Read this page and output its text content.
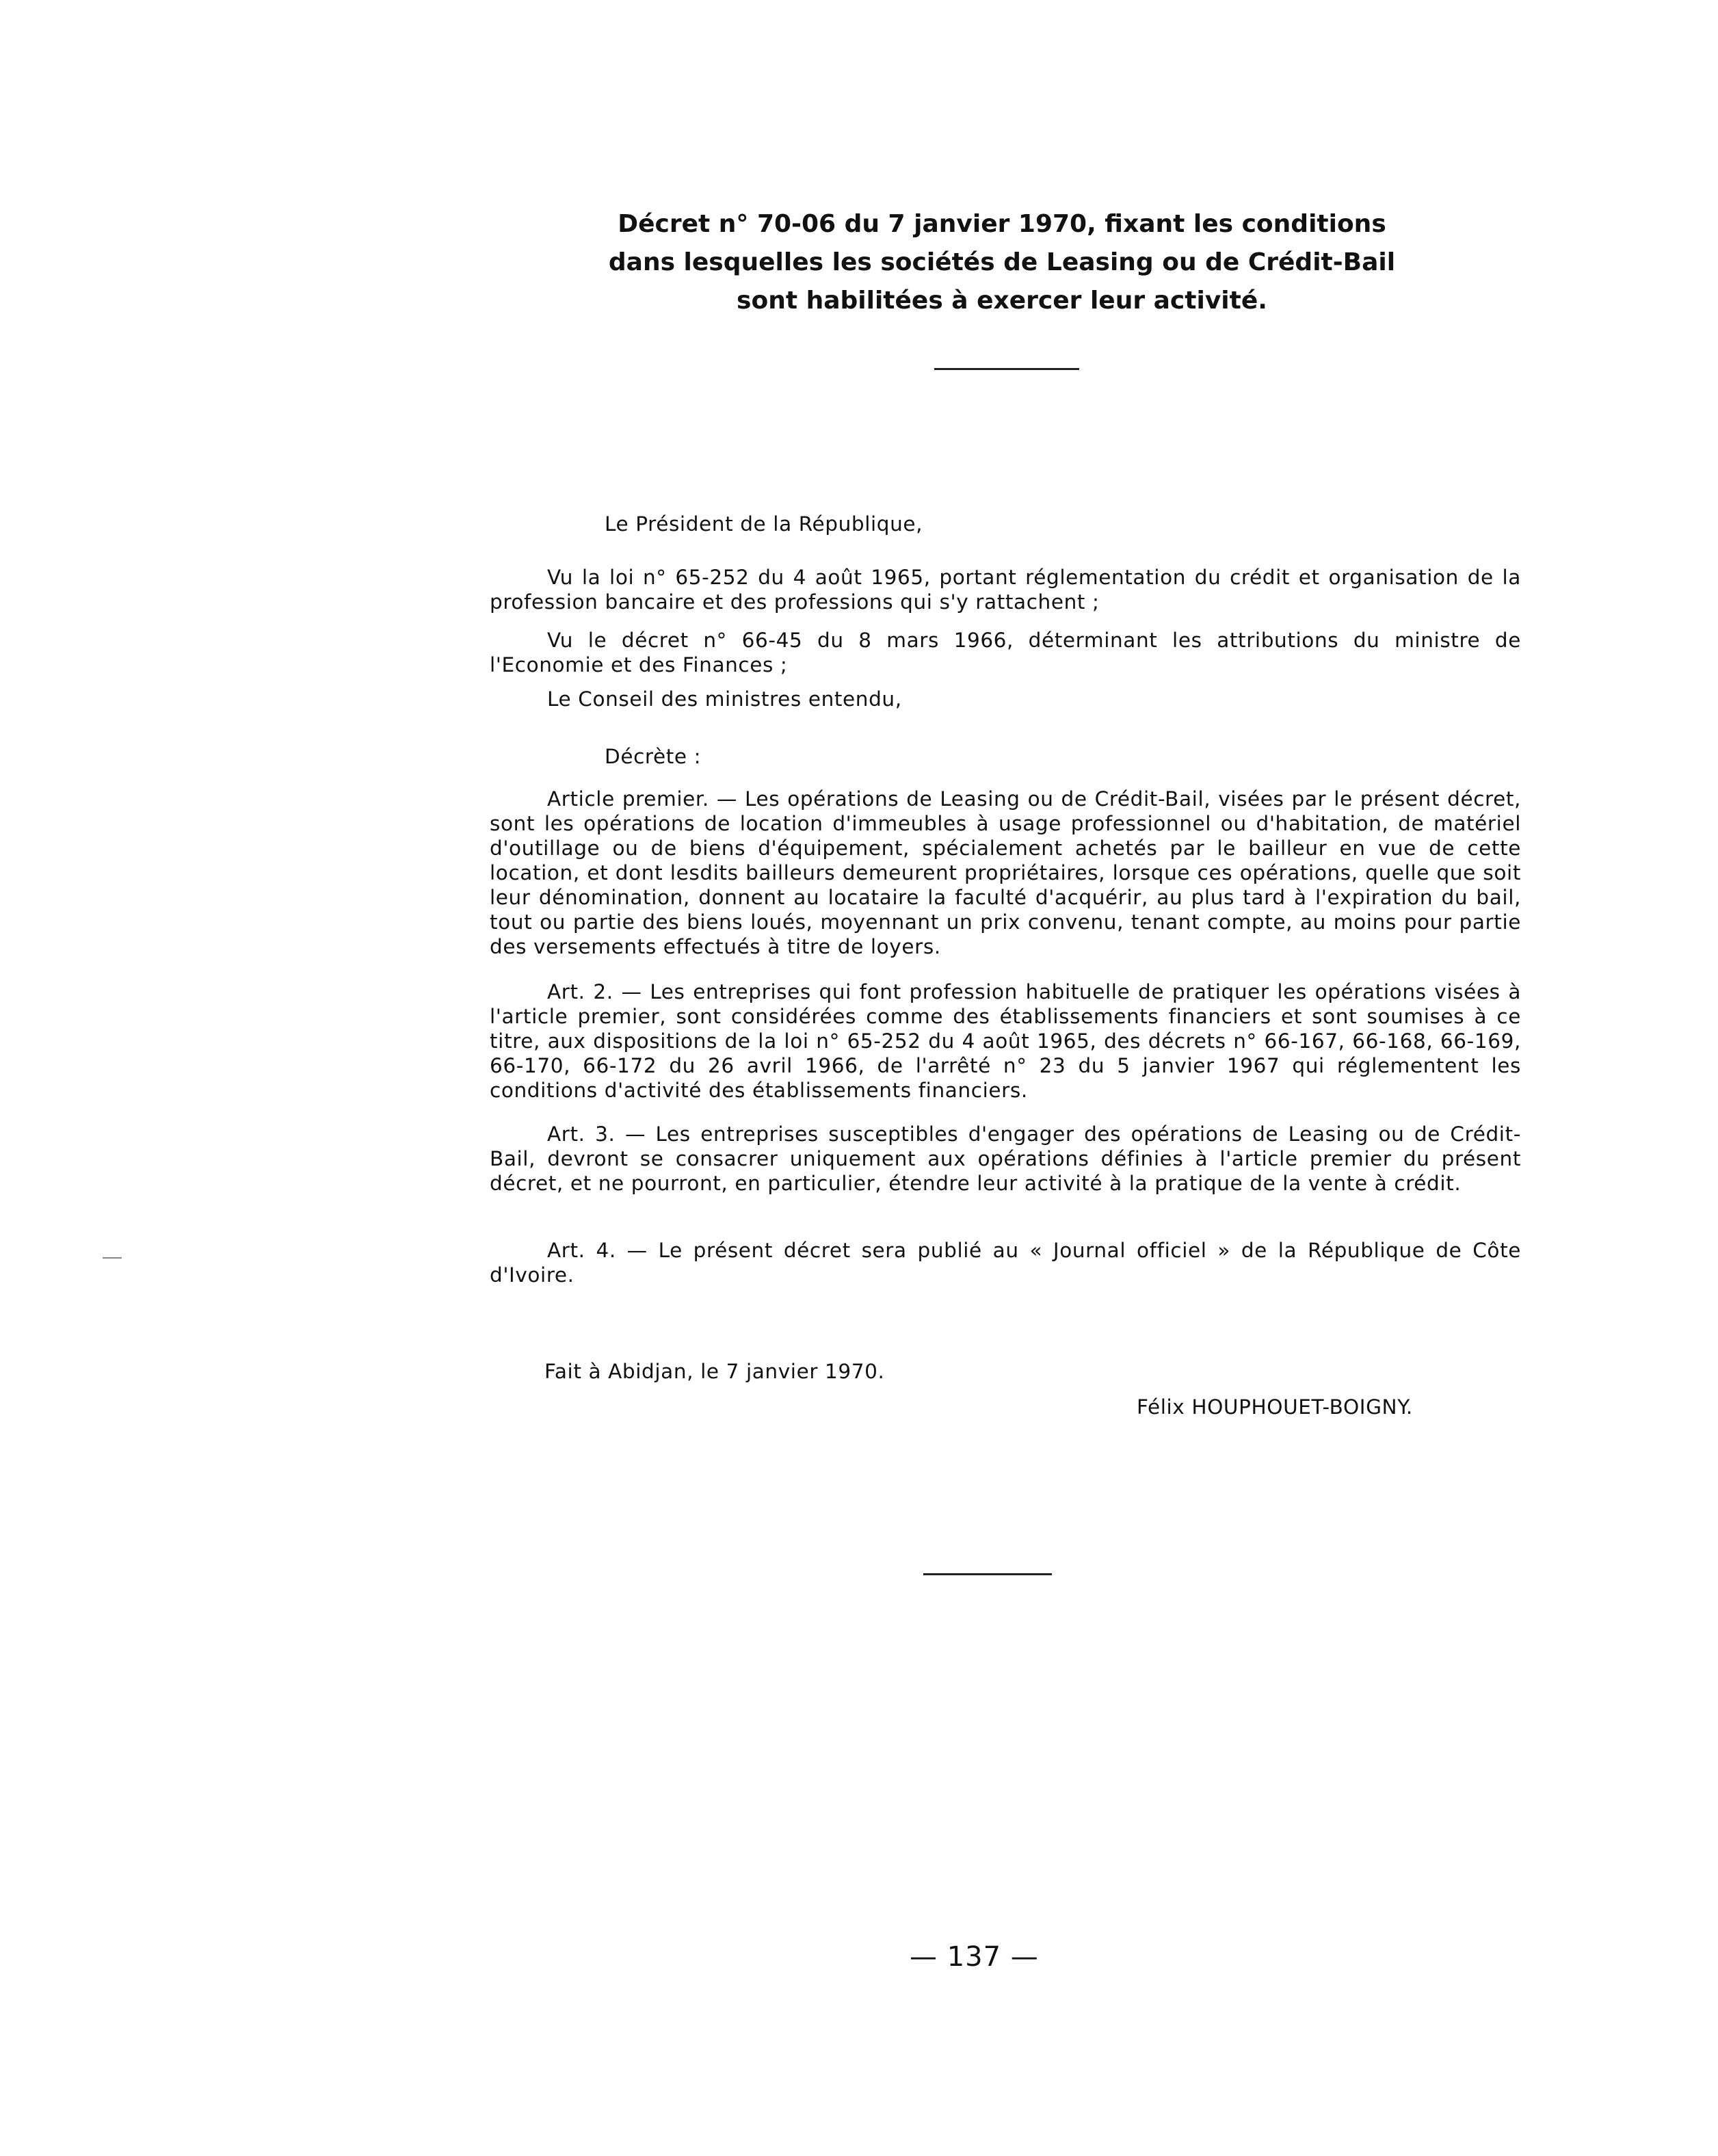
Décret n° 70-06 du 7 janvier 1970, fixant les conditions
dans lesquelles les sociétés de Leasing ou de Crédit-Bail
sont habilitées à exercer leur activité.

Le Président de la République,

Vu la loi n° 65-252 du 4 août 1965, portant réglementation du crédit et organisation de la profession bancaire et des professions qui s'y rattachent ;

Vu le décret n° 66-45 du 8 mars 1966, déterminant les attributions du ministre de l'Economie et des Finances ;

Le Conseil des ministres entendu,

Décrète :

Article premier. — Les opérations de Leasing ou de Crédit-Bail, visées par le présent décret, sont les opérations de location d'immeubles à usage professionnel ou d'habitation, de matériel d'outillage ou de biens d'équipement, spécialement achetés par le bailleur en vue de cette location, et dont lesdits bailleurs demeurent propriétaires, lorsque ces opérations, quelle que soit leur dénomination, donnent au locataire la faculté d'acquérir, au plus tard à l'expiration du bail, tout ou partie des biens loués, moyennant un prix convenu, tenant compte, au moins pour partie des versements effectués à titre de loyers.

Art. 2. — Les entreprises qui font profession habituelle de pratiquer les opérations visées à l'article premier, sont considérées comme des établissements financiers et sont soumises à ce titre, aux dispositions de la loi n° 65-252 du 4 août 1965, des décrets n° 66-167, 66-168, 66-169, 66-170, 66-172 du 26 avril 1966, de l'arrêté n° 23 du 5 janvier 1967 qui réglementent les conditions d'activité des établissements financiers.

Art. 3. — Les entreprises susceptibles d'engager des opérations de Leasing ou de Crédit-Bail, devront se consacrer uniquement aux opérations définies à l'article premier du présent décret, et ne pourront, en particulier, étendre leur activité à la pratique de la vente à crédit.

Art. 4. — Le présent décret sera publié au « Journal officiel » de la République de Côte d'Ivoire.

Fait à Abidjan, le 7 janvier 1970.
Félix HOUPHOUET-BOIGNY.
— 137 —
